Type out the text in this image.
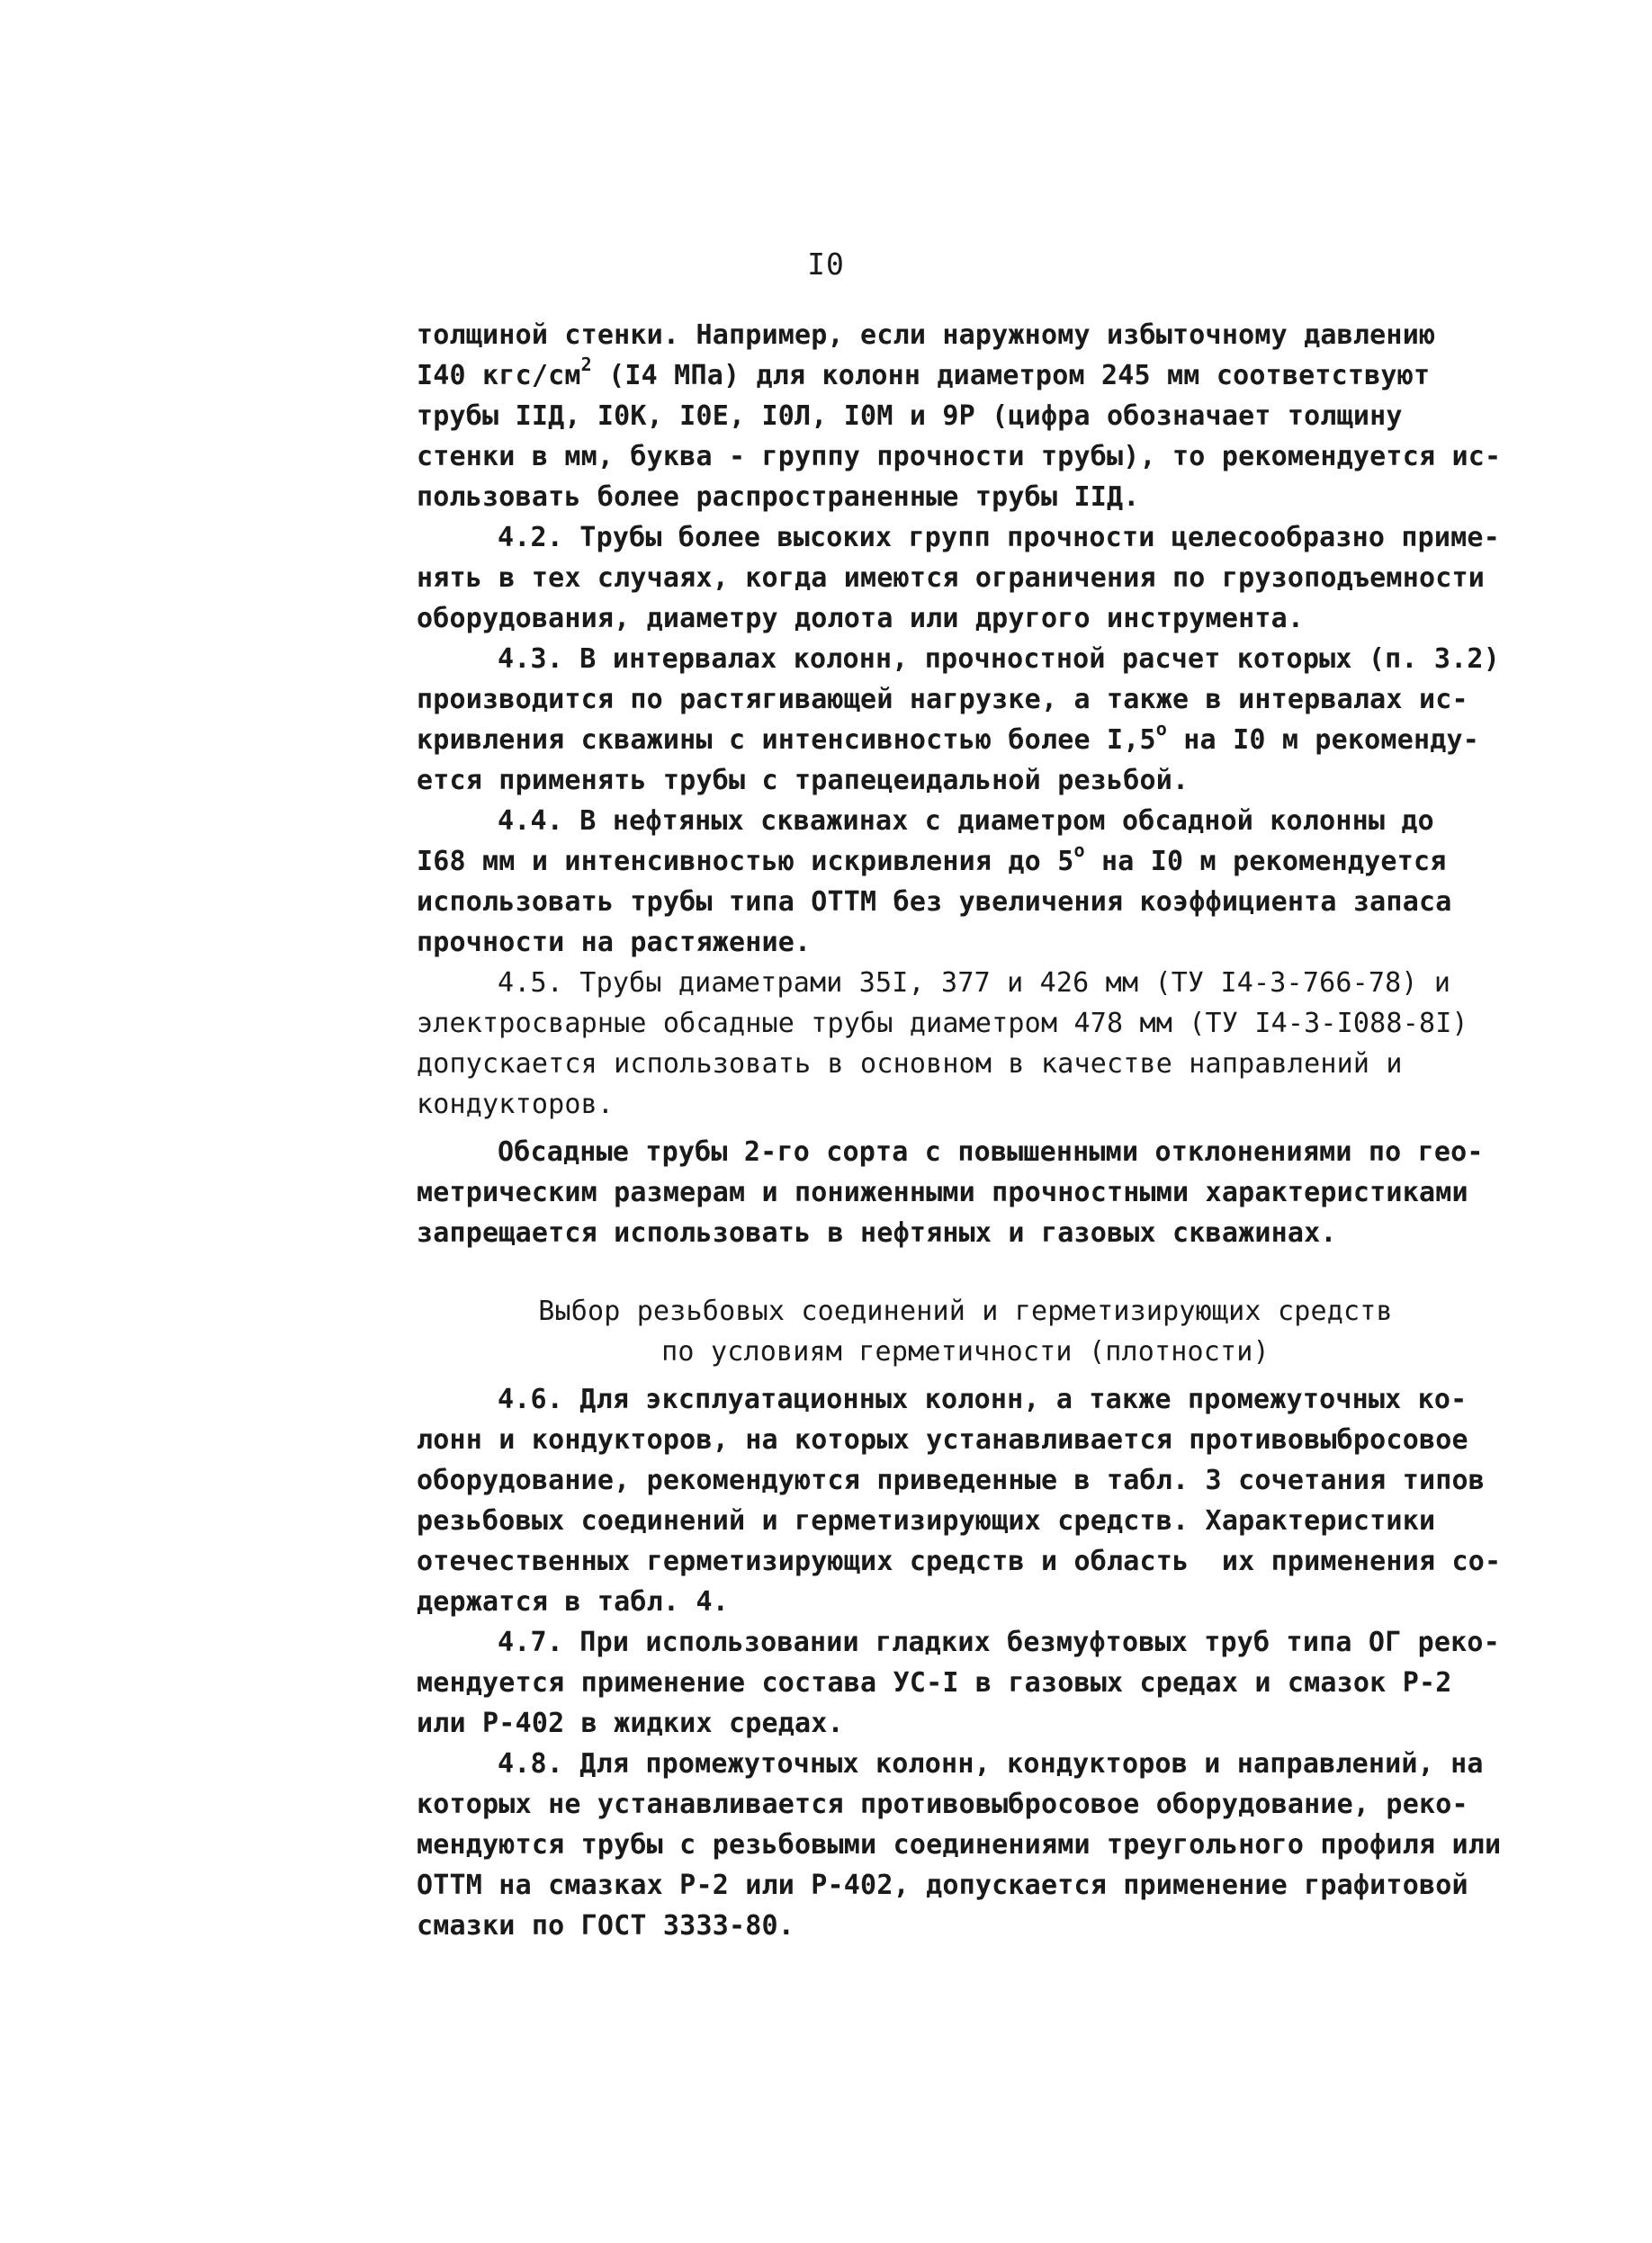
I0
толщиной стенки. Например, если наружному избыточному давлению
I40 кгс/$см^2$ (I4 МПа) для колонн диаметром 245 мм соответствуют
трубы IIД, I0К, I0Е, I0Л, I0М и 9Р (цифра обозначает толщину
стенки в мм, буква - группу прочности трубы), то рекомендуется ис-
пользовать более распространенные трубы IIД.
4.2. Трубы более высоких групп прочности целесообразно приме-
нять в тех случаях, когда имеются ограничения по грузоподъемности
оборудования, диаметру долота или другого инструмента.
4.3. В интервалах колонн, прочностной расчет которых (п. 3.2)
производится по растягивающей нагрузке, а также в интервалах ис-
кривления скважины с интенсивностью более I,5$^o$ на I0 м рекоменду-
ется применять трубы с трапецеидальной резьбой.
4.4. В нефтяных скважинах с диаметром обсадной колонны до
I68 мм и интенсивностью искривления до 5$^o$ на I0 м рекомендуется
использовать трубы типа ОТТМ без увеличения коэффициента запаса
прочности на растяжение.
4.5. Трубы диаметрами 35I, 377 и 426 мм (ТУ I4-3-766-78) и
электросварные обсадные трубы диаметром 478 мм (ТУ I4-3-I088-8I)
допускается использовать в основном в качестве направлений и
кондукторов.
Обсадные трубы 2-го сорта с повышенными отклонениями по гео-
метрическим размерам и пониженными прочностными характеристиками
запрещается использовать в нефтяных и газовых скважинах.
Выбор резьбовых соединений и герметизирующих средств
по условиям герметичности (плотности)
4.6. Для эксплуатационных колонн, а также промежуточных ко-
лонн и кондукторов, на которых устанавливается противовыбросовое
оборудование, рекомендуются приведенные в табл. 3 сочетания типов
резьбовых соединений и герметизирующих средств. Характеристики
отечественных герметизирующих средств и область  их применения со-
держатся в табл. 4.
4.7. При использовании гладких безмуфтовых труб типа ОГ реко-
мендуется применение состава УС-I в газовых средах и смазок Р-2
или Р-402 в жидких средах.
4.8. Для промежуточных колонн, кондукторов и направлений, на
которых не устанавливается противовыбросовое оборудование, реко-
мендуются трубы с резьбовыми соединениями треугольного профиля или
ОТТМ на смазках Р-2 или Р-402, допускается применение графитовой
смазки по ГОСТ 3333-80.
